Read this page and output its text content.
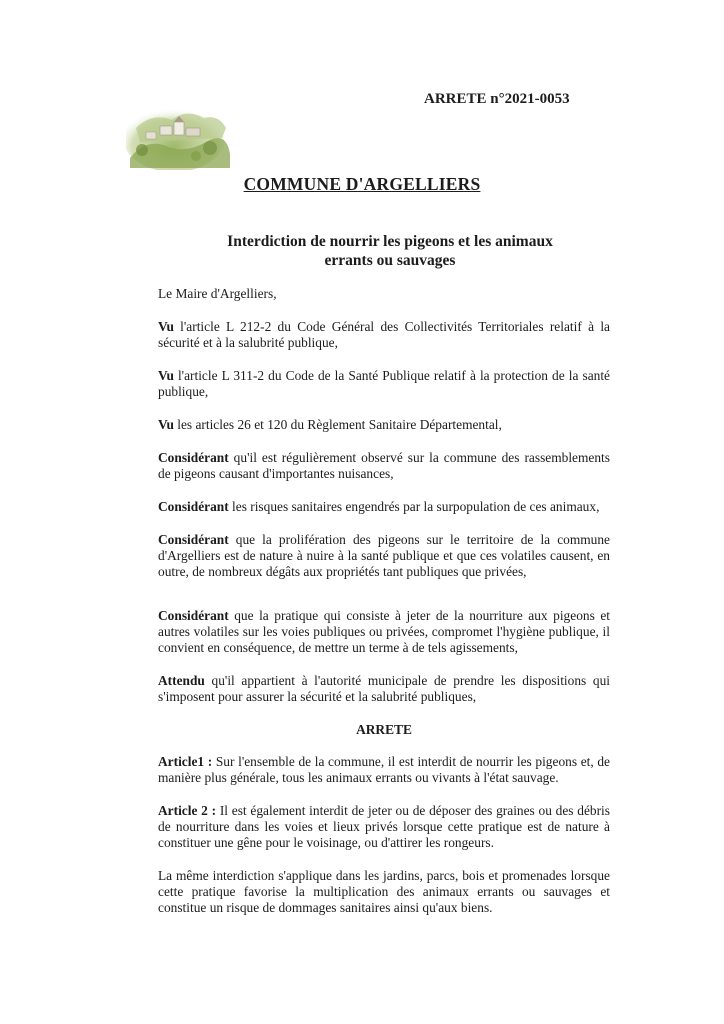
ARRETE n°2021-0053
COMMUNE D'ARGELLIERS
Interdiction de nourrir les pigeons et les animaux
errants ou sauvages

Le Maire d'Argelliers,

Vu l'article L 212-2 du Code Général des Collectivités Territoriales relatif à la sécurité et à la salubrité publique,

Vu l'article L 311-2 du Code de la Santé Publique relatif à la protection de la santé publique,

Vu les articles 26 et 120 du Règlement Sanitaire Départemental,

Considérant qu'il est régulièrement observé sur la commune des rassemblements de pigeons causant d'importantes nuisances,

Considérant les risques sanitaires engendrés par la surpopulation de ces animaux,

Considérant que la prolifération des pigeons sur le territoire de la commune d'Argelliers est de nature à nuire à la santé publique et que ces volatiles causent, en outre, de nombreux dégâts aux propriétés tant publiques que privées,

Considérant que la pratique qui consiste à jeter de la nourriture aux pigeons et autres volatiles sur les voies publiques ou privées, compromet l'hygiène publique, il convient en conséquence, de mettre un terme à de tels agissements,

Attendu qu'il appartient à l'autorité municipale de prendre les dispositions qui s'imposent pour assurer la sécurité et la salubrité publiques,

ARRETE

Article1 : Sur l'ensemble de la commune, il est interdit de nourrir les pigeons et, de manière plus générale, tous les animaux errants ou vivants à l'état sauvage.

Article 2 : Il est également interdit de jeter ou de déposer des graines ou des débris de nourriture dans les voies et lieux privés lorsque cette pratique est de nature à constituer une gêne pour le voisinage, ou d'attirer les rongeurs.

La même interdiction s'applique dans les jardins, parcs, bois et promenades lorsque cette pratique favorise la multiplication des animaux errants ou sauvages et constitue un risque de dommages sanitaires ainsi qu'aux biens.
